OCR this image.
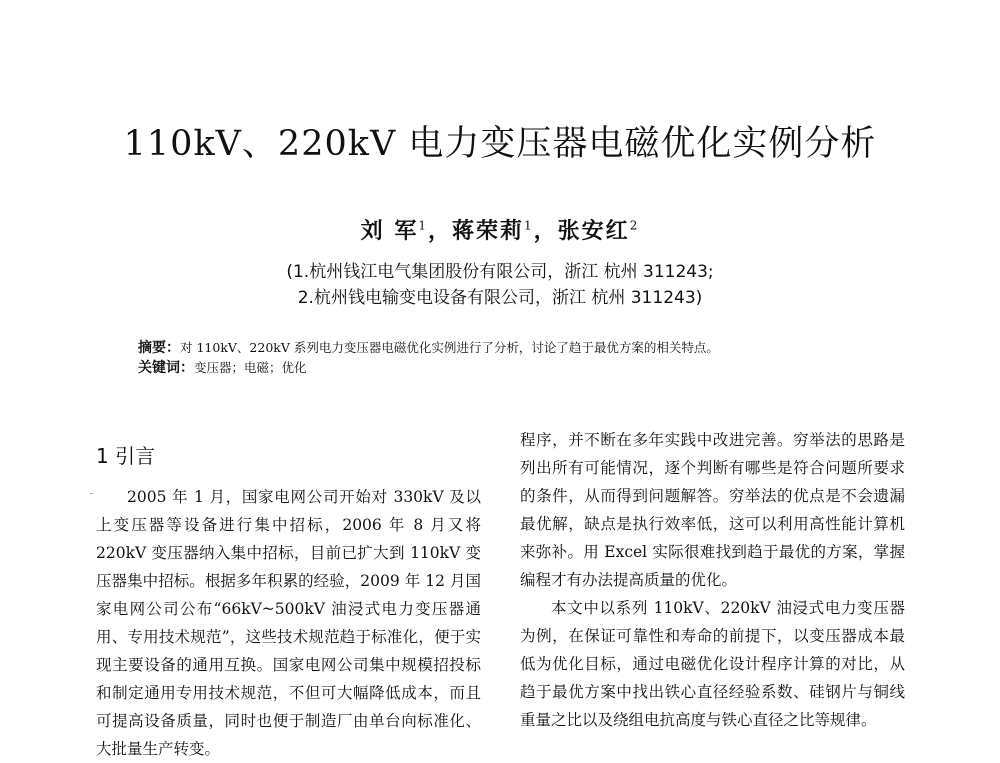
110kV、220kV 电力变压器电磁优化实例分析
刘 军$^1$，蒋荣莉$^1$，张安红$^2$
(1.杭州钱江电气集团股份有限公司，浙江 杭州 311243;
2.杭州钱电输变电设备有限公司，浙江 杭州 311243)
摘要：对 110kV、220kV 系列电力变压器电磁优化实例进行了分析，讨论了趋于最优方案的相关特点。
关键词：变压器；电磁；优化
1 引言

2005 年 1 月，国家电网公司开始对 330kV 及以上变压器等设备进行集中招标，2006 年 8 月又将 220kV 变压器纳入集中招标，目前已扩大到 110kV 变压器集中招标。根据多年积累的经验，2009 年 12 月国家电网公司公布“66kV~500kV 油浸式电力变压器通用、专用技术规范”，这些技术规范趋于标准化，便于实现主要设备的通用互换。国家电网公司集中规模招投标和制定通用专用技术规范，不但可大幅降低成本，而且可提高设备质量，同时也便于制造厂由单台向标准化、大批量生产转变。

程序，并不断在多年实践中改进完善。穷举法的思路是列出所有可能情况，逐个判断有哪些是符合问题所要求的条件，从而得到问题解答。穷举法的优点是不会遗漏最优解，缺点是执行效率低，这可以利用高性能计算机来弥补。用 Excel 实际很难找到趋于最优的方案，掌握编程才有办法提高质量的优化。

本文中以系列 110kV、220kV 油浸式电力变压器为例，在保证可靠性和寿命的前提下，以变压器成本最低为优化目标，通过电磁优化设计程序计算的对比，从趋于最优方案中找出铁心直径经验系数、硅钢片与铜线重量之比以及绕组电抗高度与铁心直径之比等规律。
